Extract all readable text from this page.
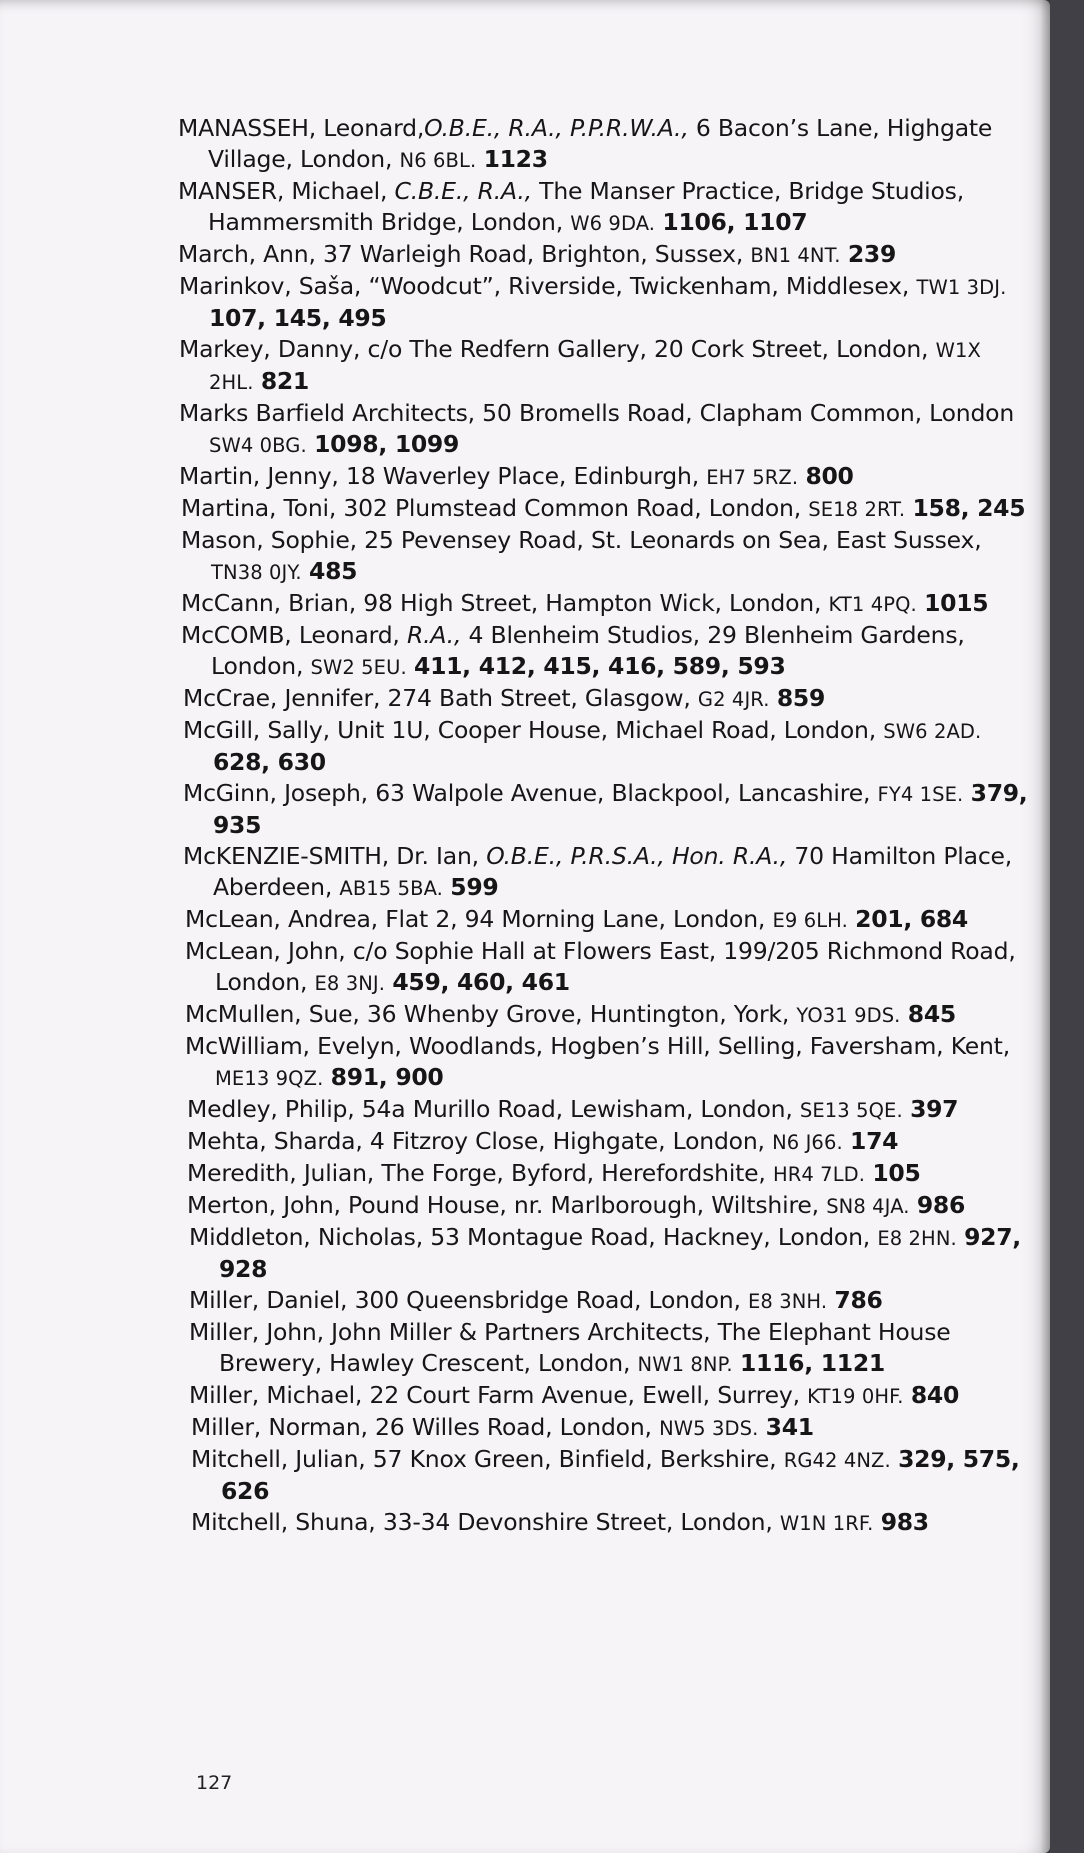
MANASSEH, Leonard,O.B.E., R.A., P.P.R.W.A., 6 Bacon’s Lane, Highgate Village, London, N6 6BL. 1123
MANSER, Michael, C.B.E., R.A., The Manser Practice, Bridge Studios, Hammersmith Bridge, London, W6 9DA. 1106, 1107
March, Ann, 37 Warleigh Road, Brighton, Sussex, BN1 4NT. 239
Marinkov, Saša, “Woodcut”, Riverside, Twickenham, Middlesex, TW1 3DJ. 107, 145, 495
Markey, Danny, c/o The Redfern Gallery, 20 Cork Street, London, W1X 2HL. 821
Marks Barfield Architects, 50 Bromells Road, Clapham Common, London SW4 0BG. 1098, 1099
Martin, Jenny, 18 Waverley Place, Edinburgh, EH7 5RZ. 800
Martina, Toni, 302 Plumstead Common Road, London, SE18 2RT. 158, 245
Mason, Sophie, 25 Pevensey Road, St. Leonards on Sea, East Sussex, TN38 0JY. 485
McCann, Brian, 98 High Street, Hampton Wick, London, KT1 4PQ. 1015
McCOMB, Leonard, R.A., 4 Blenheim Studios, 29 Blenheim Gardens, London, SW2 5EU. 411, 412, 415, 416, 589, 593
McCrae, Jennifer, 274 Bath Street, Glasgow, G2 4JR. 859
McGill, Sally, Unit 1U, Cooper House, Michael Road, London, SW6 2AD. 628, 630
McGinn, Joseph, 63 Walpole Avenue, Blackpool, Lancashire, FY4 1SE. 379, 935
McKENZIE-SMITH, Dr. Ian, O.B.E., P.R.S.A., Hon. R.A., 70 Hamilton Place, Aberdeen, AB15 5BA. 599
McLean, Andrea, Flat 2, 94 Morning Lane, London, E9 6LH. 201, 684
McLean, John, c/o Sophie Hall at Flowers East, 199/205 Richmond Road, London, E8 3NJ. 459, 460, 461
McMullen, Sue, 36 Whenby Grove, Huntington, York, YO31 9DS. 845
McWilliam, Evelyn, Woodlands, Hogben’s Hill, Selling, Faversham, Kent, ME13 9QZ. 891, 900
Medley, Philip, 54a Murillo Road, Lewisham, London, SE13 5QE. 397
Mehta, Sharda, 4 Fitzroy Close, Highgate, London, N6 J66. 174
Meredith, Julian, The Forge, Byford, Herefordshite, HR4 7LD. 105
Merton, John, Pound House, nr. Marlborough, Wiltshire, SN8 4JA. 986
Middleton, Nicholas, 53 Montague Road, Hackney, London, E8 2HN. 927, 928
Miller, Daniel, 300 Queensbridge Road, London, E8 3NH. 786
Miller, John, John Miller & Partners Architects, The Elephant House Brewery, Hawley Crescent, London, NW1 8NP. 1116, 1121
Miller, Michael, 22 Court Farm Avenue, Ewell, Surrey, KT19 0HF. 840
Miller, Norman, 26 Willes Road, London, NW5 3DS. 341
Mitchell, Julian, 57 Knox Green, Binfield, Berkshire, RG42 4NZ. 329, 575, 626
Mitchell, Shuna, 33-34 Devonshire Street, London, W1N 1RF. 983
127
